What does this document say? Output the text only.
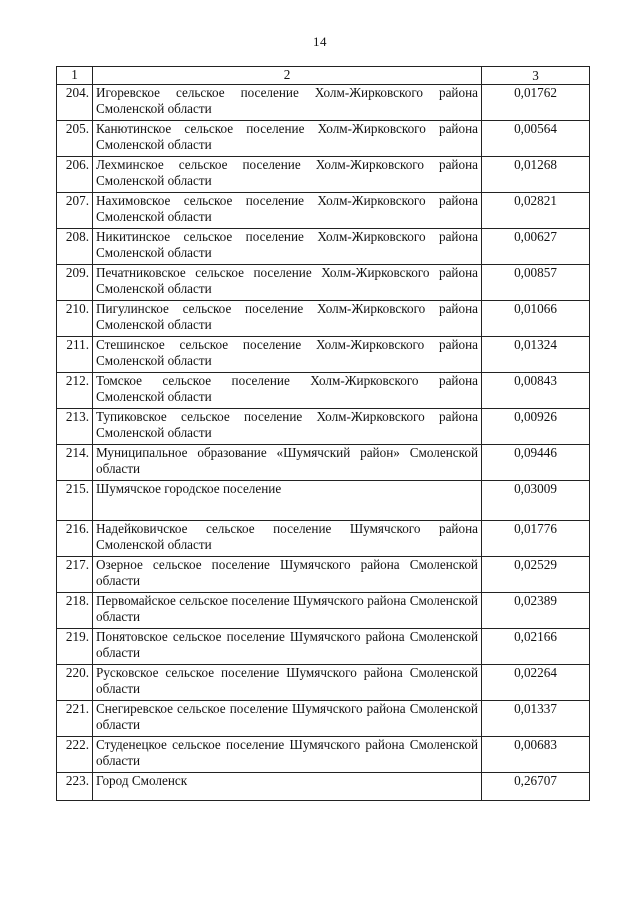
14
1	2	3
204.	Игоревское сельское поселение Холм-Жирковского района Смоленской области	0,01762
205.	Канютинское сельское поселение Холм-Жирковского района Смоленской области	0,00564
206.	Лехминское сельское поселение Холм-Жирковского района Смоленской области	0,01268
207.	Нахимовское сельское поселение Холм-Жирковского района Смоленской области	0,02821
208.	Никитинское сельское поселение Холм-Жирковского района Смоленской области	0,00627
209.	Печатниковское сельское поселение Холм-Жирковского района Смоленской области	0,00857
210.	Пигулинское сельское поселение Холм-Жирковского района Смоленской области	0,01066
211.	Стешинское сельское поселение Холм-Жирковского района Смоленской области	0,01324
212.	Томское сельское поселение Холм-Жирковского района Смоленской области	0,00843
213.	Тупиковское сельское поселение Холм-Жирковского района Смоленской области	0,00926
214.	Муниципальное образование «Шумячский район» Смоленской области	0,09446
215.	Шумячское городское поселение	0,03009
216.	Надейковичское сельское поселение Шумячского района Смоленской области	0,01776
217.	Озерное сельское поселение Шумячского района Смоленской области	0,02529
218.	Первомайское сельское поселение Шумячского района Смоленской области	0,02389
219.	Понятовское сельское поселение Шумячского района Смоленской области	0,02166
220.	Русковское сельское поселение Шумячского района Смоленской области	0,02264
221.	Снегиревское сельское поселение Шумячского района Смоленской области	0,01337
222.	Студенецкое сельское поселение Шумячского района Смоленской области	0,00683
223.	Город Смоленск	0,26707
